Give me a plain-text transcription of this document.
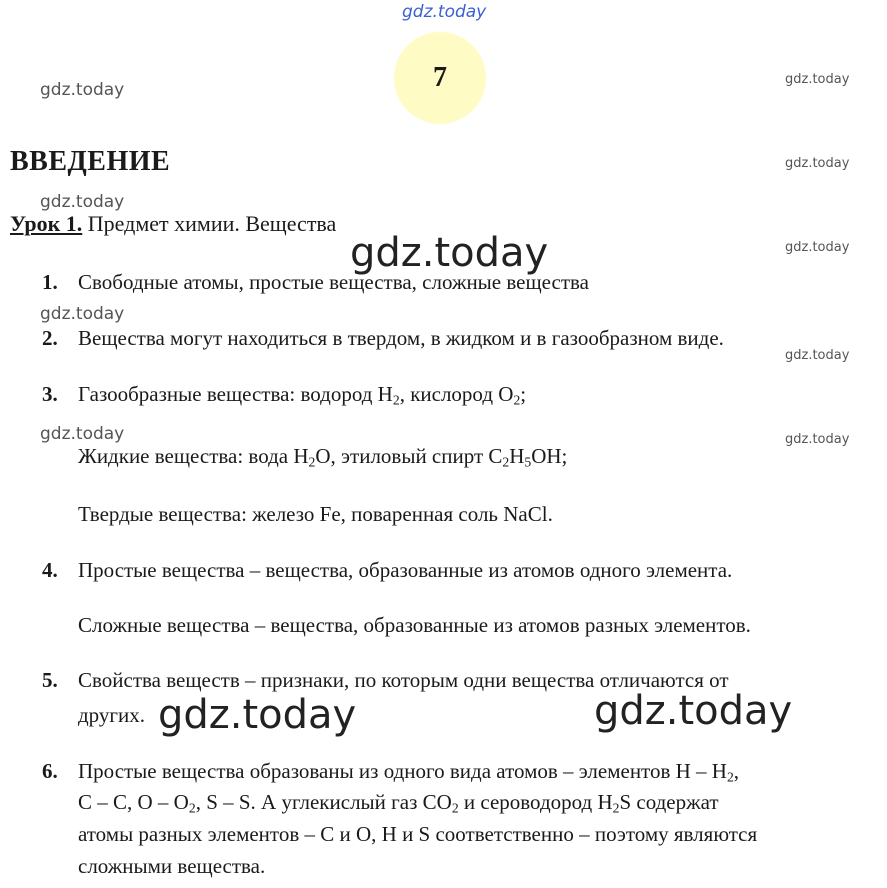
gdz.today
gdz.today
gdz.today
gdz.today
gdz.today
gdz.today
gdz.today
gdz.today
gdz.today
gdz.today	gdz.today
gdz.today	gdz.today
7
ВВЕДЕНИЕ
Урок 1. Предмет химии. Вещества
1. Свободные атомы, простые вещества, сложные вещества
2. Вещества могут находиться в твердом, в жидком и в газообразном виде.
3. Газообразные вещества: водород $H_2$, кислород $O_2$;
Жидкие вещества: вода $H_2O$, этиловый спирт $C_2H_5OH$;
Твердые вещества: железо Fe, поваренная соль NaCl.
4. Простые вещества – вещества, образованные из атомов одного элемента.
Сложные вещества – вещества, образованные из атомов разных элементов.
5. Свойства веществ – признаки, по которым одни вещества отличаются от
других.
6. Простые вещества образованы из одного вида атомов – элементов H – $H_2$,
C – C, O – $O_2$, S – S. А углекислый газ $CO_2$ и сероводород $H_2S$ содержат
атомы разных элементов – C и O, H и S соответственно – поэтому являются
сложными вещества.
